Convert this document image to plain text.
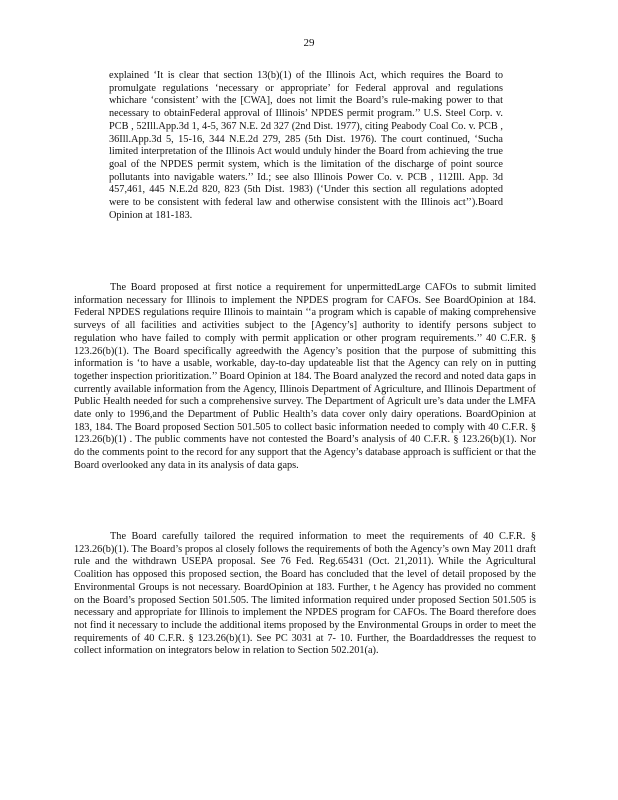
29
explained ‘It is clear that section 13(b)(1) of the Illinois Act, which requires the Board to promulgate regulations ‘necessary or appropriate’ for Federal approval and regulations whichare ‘consistent’ with the [CWA], does not limit the Board’s rule-making power to that necessary to obtainFederal approval of Illinois’ NPDES permit program.’’ U.S. Steel Corp. v. PCB , 52Ill.App.3d 1, 4-5, 367 N.E. 2d 327 (2nd Dist. 1977), citing Peabody Coal Co. v. PCB , 36Ill.App.3d 5, 15-16, 344 N.E.2d 279, 285 (5th Dist. 1976). The court continued, ‘Sucha limited interpretation of the Illinois Act would unduly hinder the Board from achieving the true goal of the NPDES permit system, which is the limitation of the discharge of point source pollutants into navigable waters.’’ Id.; see also Illinois Power Co. v. PCB , 112Ill. App. 3d 457,461, 445 N.E.2d 820, 823 (5th Dist. 1983) (‘Under this section all regulations adopted were to be consistent with federal law and otherwise consistent with the Illinois act’’).Board Opinion at 181-183.
The Board proposed at first notice a requirement for unpermittedLarge CAFOs to submit limited information necessary for Illinois to implement the NPDES program for CAFOs. See BoardOpinion at 184. Federal NPDES regulations require Illinois to maintain ‘‘a program which is capable of making comprehensive surveys of all facilities and activities subject to the [Agency’s] authority to identify persons subject to regulation who have failed to comply with permit application or other program requirements.’’ 40 C.F.R. § 123.26(b)(1). The Board specifically agreedwith the Agency’s position that the purpose of submitting this information is ‘to have a usable, workable, day-to-day updateable list that the Agency can rely on in putting together inspection prioritization.’’ Board Opinion at 184. The Board analyzed the record and noted data gaps in currently available information from the Agency, Illinois Department of Agriculture, and Illinois Department of Public Health needed for such a comprehensive survey. The Department of Agricult ure’s data under the LMFA date only to 1996,and the Department of Public Health’s data cover only dairy operations. BoardOpinion at 183, 184. The Board proposed Section 501.505 to collect basic information needed to comply with 40 C.F.R. § 123.26(b)(1) . The public comments have not contested the Board’s analysis of 40 C.F.R. § 123.26(b)(1). Nor do the comments point to the record for any support that the Agency’s database approach is sufficient or that the Board overlooked any data in its analysis of data gaps.
The Board carefully tailored the required information to meet the requirements of 40 C.F.R. § 123.26(b)(1). The Board’s propos al closely follows the requirements of both the Agency’s own May 2011 draft rule and the withdrawn USEPA proposal. See 76 Fed. Reg.65431 (Oct. 21,2011). While the Agricultural Coalition has opposed this proposed section, the Board has concluded that the level of detail proposed by the Environmental Groups is not necessary. BoardOpinion at 183. Further, t he Agency has provided no comment on the Board’s proposed Section 501.505. The limited information required under proposed Section 501.505 is necessary and appropriate for Illinois to implement the NPDES program for CAFOs. The Board therefore does not find it necessary to include the additional items proposed by the Environmental Groups in order to meet the requirements of 40 C.F.R. § 123.26(b)(1). See PC 3031 at 7- 10. Further, the Boardaddresses the request to collect information on integrators below in relation to Section 502.201(a).
